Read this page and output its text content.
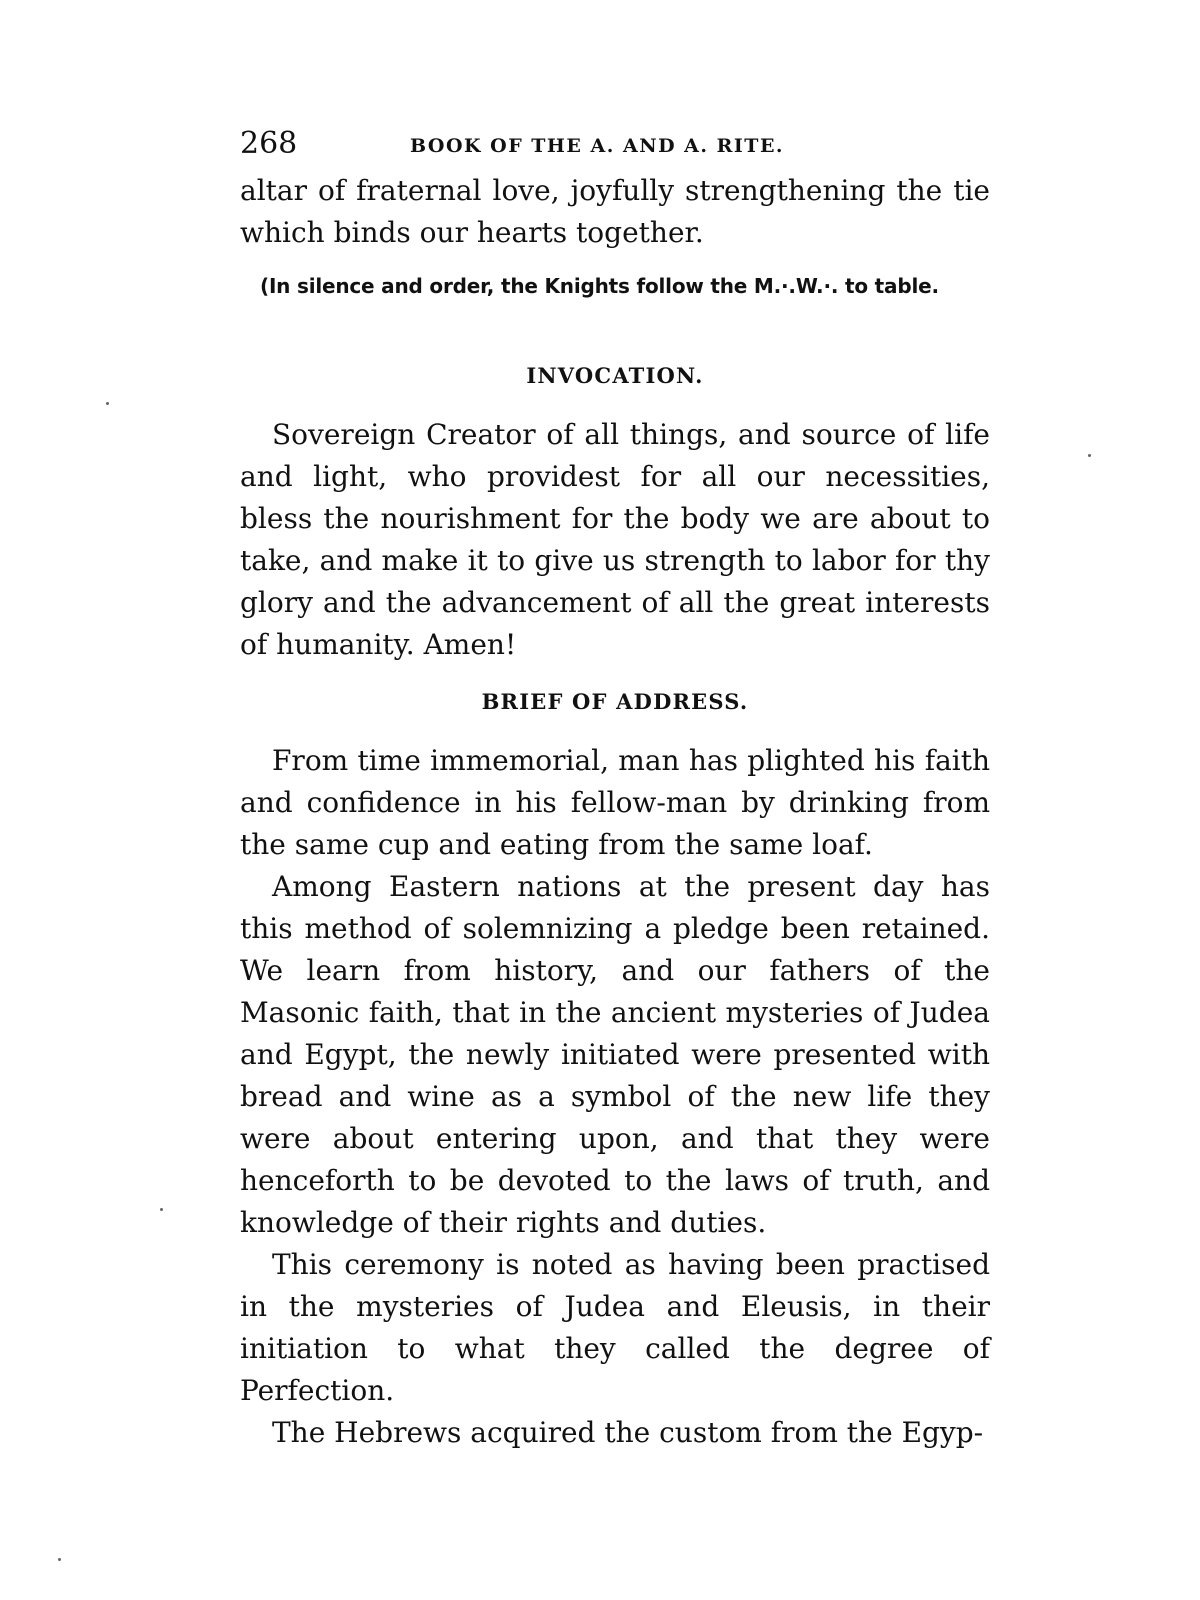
268	BOOK OF THE A. AND A. RITE.

altar of fraternal love, joyfully strengthening the tie which binds our hearts together.

(In silence and order, the Knights follow the M.·.W.·. to table.

INVOCATION.

Sovereign Creator of all things, and source of life and light, who providest for all our necessities, bless the nourishment for the body we are about to take, and make it to give us strength to labor for thy glory and the advancement of all the great interests of humanity. Amen!

BRIEF OF ADDRESS.

From time immemorial, man has plighted his faith and confidence in his fellow-man by drinking from the same cup and eating from the same loaf.

Among Eastern nations at the present day has this method of solemnizing a pledge been retained. We learn from history, and our fathers of the Masonic faith, that in the ancient mysteries of Judea and Egypt, the newly initiated were presented with bread and wine as a symbol of the new life they were about entering upon, and that they were henceforth to be devoted to the laws of truth, and knowledge of their rights and duties.

This ceremony is noted as having been practised in the mysteries of Judea and Eleusis, in their initiation to what they called the degree of Perfection.

The Hebrews acquired the custom from the Egyp-
